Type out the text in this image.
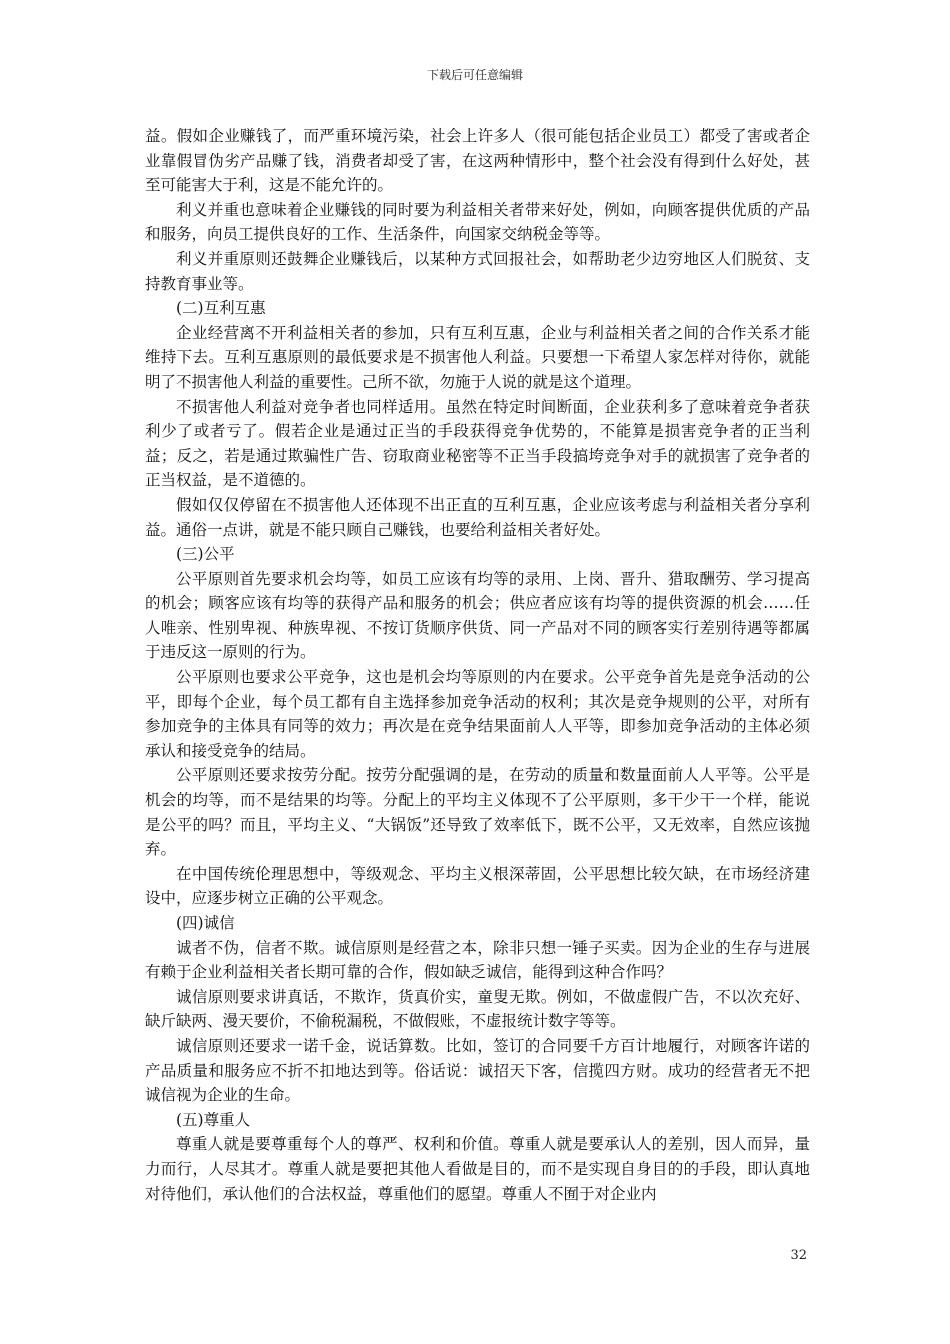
下载后可任意编辑

益。假如企业赚钱了，而严重环境污染，社会上许多人（很可能包括企业员工）都受了害或者企业靠假冒伪劣产品赚了钱，消费者却受了害，在这两种情形中，整个社会没有得到什么好处，甚至可能害大于利，这是不能允许的。

利义并重也意味着企业赚钱的同时要为利益相关者带来好处，例如，向顾客提供优质的产品和服务，向员工提供良好的工作、生活条件，向国家交纳税金等等。

利义并重原则还鼓舞企业赚钱后，以某种方式回报社会，如帮助老少边穷地区人们脱贫、支持教育事业等。

(二)互利互惠

企业经营离不开利益相关者的参加，只有互利互惠，企业与利益相关者之间的合作关系才能维持下去。互利互惠原则的最低要求是不损害他人利益。只要想一下希望人家怎样对待你，就能明了不损害他人利益的重要性。己所不欲，勿施于人说的就是这个道理。

不损害他人利益对竞争者也同样适用。虽然在特定时间断面，企业获利多了意味着竞争者获利少了或者亏了。假若企业是通过正当的手段获得竞争优势的，不能算是损害竞争者的正当利益；反之，若是通过欺骗性广告、窃取商业秘密等不正当手段搞垮竞争对手的就损害了竞争者的正当权益，是不道德的。

假如仅仅停留在不损害他人还体现不出正直的互利互惠，企业应该考虑与利益相关者分享利益。通俗一点讲，就是不能只顾自己赚钱，也要给利益相关者好处。

(三)公平

公平原则首先要求机会均等，如员工应该有均等的录用、上岗、晋升、猎取酬劳、学习提高的机会；顾客应该有均等的获得产品和服务的机会；供应者应该有均等的提供资源的机会……任人唯亲、性别卑视、种族卑视、不按订货顺序供货、同一产品对不同的顾客实行差别待遇等都属于违反这一原则的行为。

公平原则也要求公平竞争，这也是机会均等原则的内在要求。公平竞争首先是竞争活动的公平，即每个企业，每个员工都有自主选择参加竞争活动的权利；其次是竞争规则的公平，对所有参加竞争的主体具有同等的效力；再次是在竞争结果面前人人平等，即参加竞争活动的主体必须承认和接受竞争的结局。

公平原则还要求按劳分配。按劳分配强调的是，在劳动的质量和数量面前人人平等。公平是机会的均等，而不是结果的均等。分配上的平均主义体现不了公平原则，多干少干一个样，能说是公平的吗？而且，平均主义、“大锅饭”还导致了效率低下，既不公平，又无效率，自然应该抛弃。

在中国传统伦理思想中，等级观念、平均主义根深蒂固，公平思想比较欠缺，在市场经济建设中，应逐步树立正确的公平观念。

(四)诚信

诚者不伪，信者不欺。诚信原则是经营之本，除非只想一锤子买卖。因为企业的生存与进展有赖于企业利益相关者长期可靠的合作，假如缺乏诚信，能得到这种合作吗？

诚信原则要求讲真话，不欺诈，货真价实，童叟无欺。例如，不做虚假广告，不以次充好、缺斤缺两、漫天要价，不偷税漏税，不做假账，不虚报统计数字等等。

诚信原则还要求一诺千金，说话算数。比如，签订的合同要千方百计地履行，对顾客许诺的产品质量和服务应不折不扣地达到等。俗话说：诚招天下客，信揽四方财。成功的经营者无不把诚信视为企业的生命。

(五)尊重人

尊重人就是要尊重每个人的尊严、权利和价值。尊重人就是要承认人的差别，因人而异，量力而行，人尽其才。尊重人就是要把其他人看做是目的，而不是实现自身目的的手段，即认真地对待他们，承认他们的合法权益，尊重他们的愿望。尊重人不囿于对企业内

32
